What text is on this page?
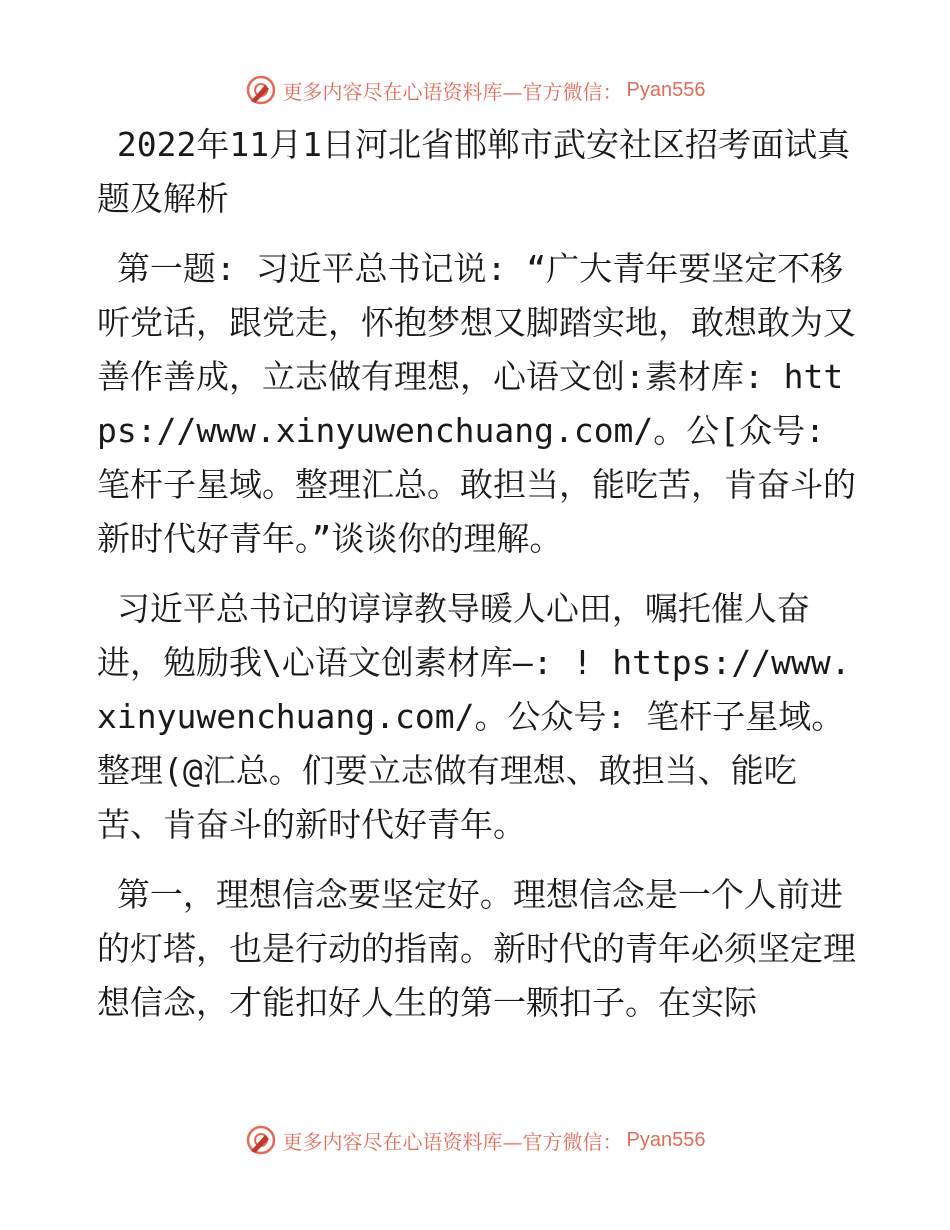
更多内容尽在心语资料库—官方微信： Pyan556

2022年11月1日河北省邯郸市武安社区招考面试真题及解析

第一题: 习近平总书记说: “广大青年要坚定不移听党话，跟党走，怀抱梦想又脚踏实地，敢想敢为又善作善成，立志做有理想，心语文创:素材库: https://www.xinyuwenchuang.com/。公[众号: 笔杆子星域。整理汇总。敢担当，能吃苦，肯奋斗的新时代好青年。”谈谈你的理解。

习近平总书记的谆谆教导暖人心田，嘱托催人奋进，勉励我\心语文创素材库—: ! https://www.xinyuwenchuang.com/。公众号: 笔杆子星域。整理(@汇总。们要立志做有理想、敢担当、能吃苦、肯奋斗的新时代好青年。

第一，理想信念要坚定好。理想信念是一个人前进的灯塔，也是行动的指南。新时代的青年必须坚定理想信念，才能扣好人生的第一颗扣子。在实际

更多内容尽在心语资料库—官方微信： Pyan556
